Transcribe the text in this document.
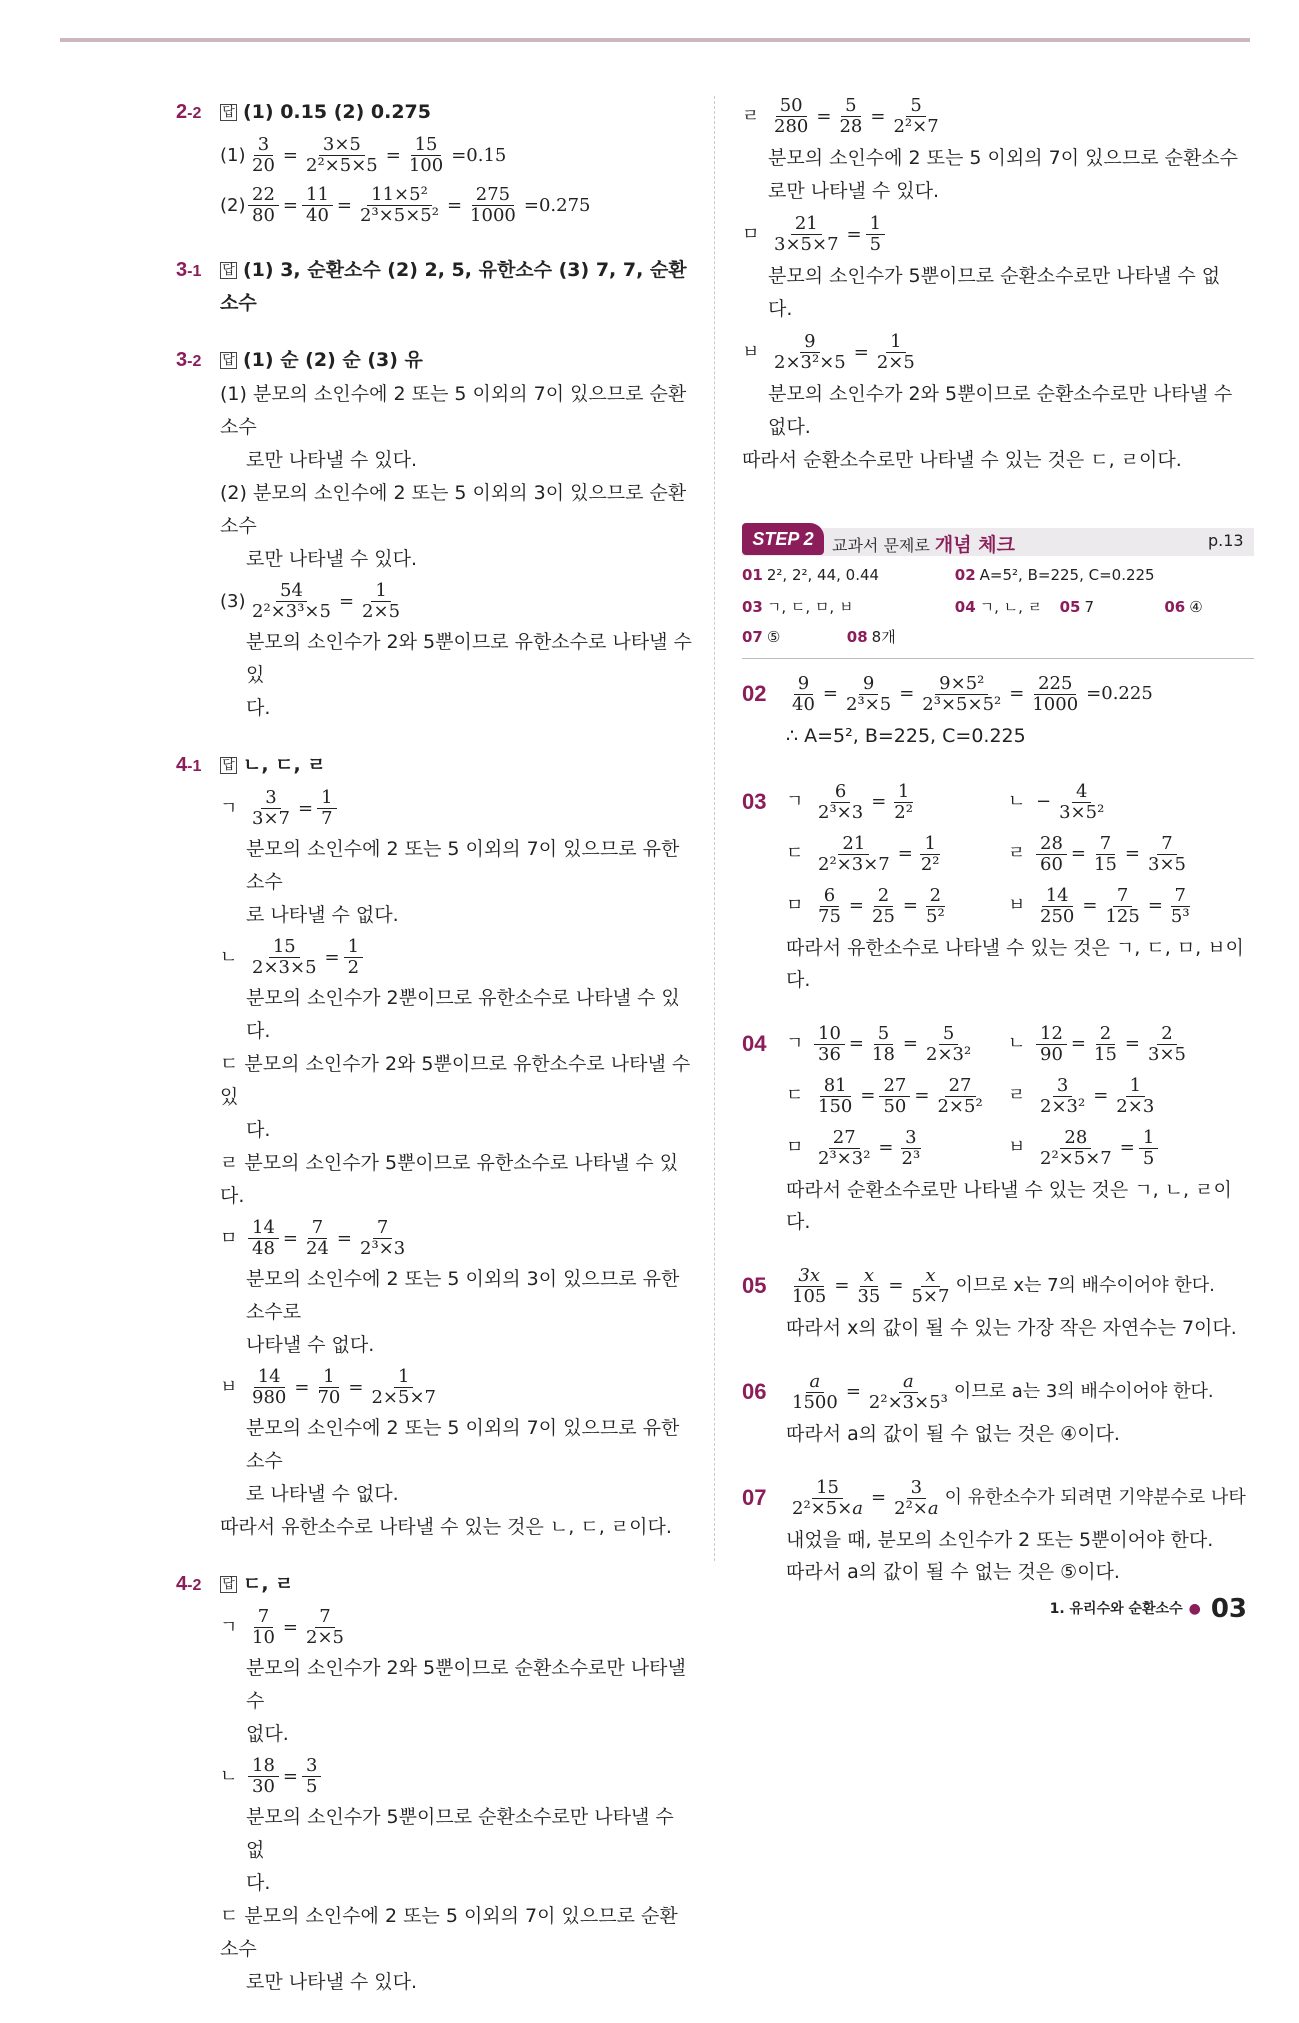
2-2	답 (1) 0.15 (2) 0.275
$(1) \frac{3}{20} = \frac{3\times 5}{\text{2²×5×5}} = \frac{15}{100} =0.15$
$(2) \frac{22}{80} = \frac{11}{40} = \frac{\text{11×5²}}{\text{2³×5×5²}} = \frac{275}{1000} =0.275$
3-1	답 (1) 3, 순환소수 (2) 2, 5, 유한소수 (3) 7, 7, 순환소수
3-2	답 (1) 순 (2) 순 (3) 유
(1) 분모의 소인수에 2 또는 5 이외의 7이 있으므로 순환소수
로만 나타낼 수 있다.
(2) 분모의 소인수에 2 또는 5 이외의 3이 있으므로 순환소수
로만 나타낼 수 있다.
$(3) \frac{54}{\text{2²×3³×5}} = \frac{1}{2\times 5}$
분모의 소인수가 2와 5뿐이므로 유한소수로 나타낼 수 있
다.
4-1	답 ㄴ, ㄷ, ㄹ
ㄱ $\frac{3}{3\times 7} = \frac{1}{7}$
분모의 소인수에 2 또는 5 이외의 7이 있으므로 유한소수
로 나타낼 수 없다.
ㄴ $\frac{15}{2\times 3\times 5} = \frac{1}{2}$
분모의 소인수가 2뿐이므로 유한소수로 나타낼 수 있다.
ㄷ 분모의 소인수가 2와 5뿐이므로 유한소수로 나타낼 수 있
다.
ㄹ 분모의 소인수가 5뿐이므로 유한소수로 나타낼 수 있다.
ㅁ $\frac{14}{48} = \frac{7}{24} = \frac{7}{\text{2³×3}}$
분모의 소인수에 2 또는 5 이외의 3이 있으므로 유한소수로
나타낼 수 없다.
ㅂ $\frac{14}{980} = \frac{1}{70} = \frac{1}{2\times 5\times 7}$
분모의 소인수에 2 또는 5 이외의 7이 있으므로 유한소수
로 나타낼 수 없다.
따라서 유한소수로 나타낼 수 있는 것은 ㄴ, ㄷ, ㄹ이다.
4-2	답 ㄷ, ㄹ
ㄱ $\frac{7}{10} = \frac{7}{2\times 5}$
분모의 소인수가 2와 5뿐이므로 순환소수로만 나타낼 수
없다.
ㄴ $\frac{18}{30} = \frac{3}{5}$
분모의 소인수가 5뿐이므로 순환소수로만 나타낼 수 없
다.
ㄷ 분모의 소인수에 2 또는 5 이외의 7이 있으므로 순환소수
로만 나타낼 수 있다.
ㄹ $\frac{50}{280} = \frac{5}{28} = \frac{5}{\text{2²×7}}$
분모의 소인수에 2 또는 5 이외의 7이 있으므로 순환소수
로만 나타낼 수 있다.
ㅁ $\frac{21}{3\times 5\times 7} = \frac{1}{5}$
분모의 소인수가 5뿐이므로 순환소수로만 나타낼 수 없
다.
ㅂ $\frac{9}{\text{2×3²×5}} = \frac{1}{2\times 5}$
분모의 소인수가 2와 5뿐이므로 순환소수로만 나타낼 수
없다.
따라서 순환소수로만 나타낼 수 있는 것은 ㄷ, ㄹ이다.
STEP 2	교과서 문제로 개념 체크	p.13
01 2², 2², 44, 0.44	02 A=5², B=225, C=0.225
03 ㄱ, ㄷ, ㅁ, ㅂ	04 ㄱ, ㄴ, ㄹ 05 7	06 ④
07 ⑤	08 8개
02	$\frac{9}{40} = \frac{9}{\text{2³×5}} = \frac{\text{9×5²}}{\text{2³×5×5²}} = \frac{225}{1000} =0.225$
∴ A=5², B=225, C=0.225
03	ㄱ $\frac{6}{\text{2³×3}} = \frac{1}{\text{2²}}$	ㄴ − $\frac{4}{\text{3×5²}}$
ㄷ $\frac{21}{\text{2²×3×7}} = \frac{1}{\text{2²}}$	ㄹ $\frac{28}{60} = \frac{7}{15} = \frac{7}{3\times 5}$
ㅁ $\frac{6}{75} = \frac{2}{25} = \frac{2}{\text{5²}}$	ㅂ $\frac{14}{250} = \frac{7}{125} = \frac{7}{\text{5³}}$
따라서 유한소수로 나타낼 수 있는 것은 ㄱ, ㄷ, ㅁ, ㅂ이다.
04	ㄱ $\frac{10}{36} = \frac{5}{18} = \frac{5}{\text{2×3²}}$ ㄴ $\frac{12}{90} = \frac{2}{15} = \frac{2}{3\times 5}$
ㄷ $\frac{81}{150} = \frac{27}{50} = \frac{27}{\text{2×5²}}$ ㄹ $\frac{3}{\text{2×3²}} = \frac{1}{2\times 3}$
ㅁ $\frac{27}{\text{2³×3²}} = \frac{3}{\text{2³}}$	ㅂ $\frac{28}{\text{2²×5×7}} = \frac{1}{5}$
따라서 순환소수로만 나타낼 수 있는 것은 ㄱ, ㄴ, ㄹ이다.
05	$\frac{3x}{105} = \frac{x}{35} = \frac{x}{5\times 7}$ 이므로 x는 7의 배수이어야 한다.
따라서 x의 값이 될 수 있는 가장 작은 자연수는 7이다.
06	$\frac{a}{1500} = \frac{a}{\text{2²×3×5³}}$ 이므로 a는 3의 배수이어야 한다.
따라서 a의 값이 될 수 없는 것은 ④이다.
07	$\frac{15}{\text{2²×5×a}} = \frac{3}{\text{2²×a}}$ 이 유한소수가 되려면 기약분수로 나타
내었을 때, 분모의 소인수가 2 또는 5뿐이어야 한다.
따라서 a의 값이 될 수 없는 것은 ⑤이다.
1. 유리수와 순환소수 ● 03
